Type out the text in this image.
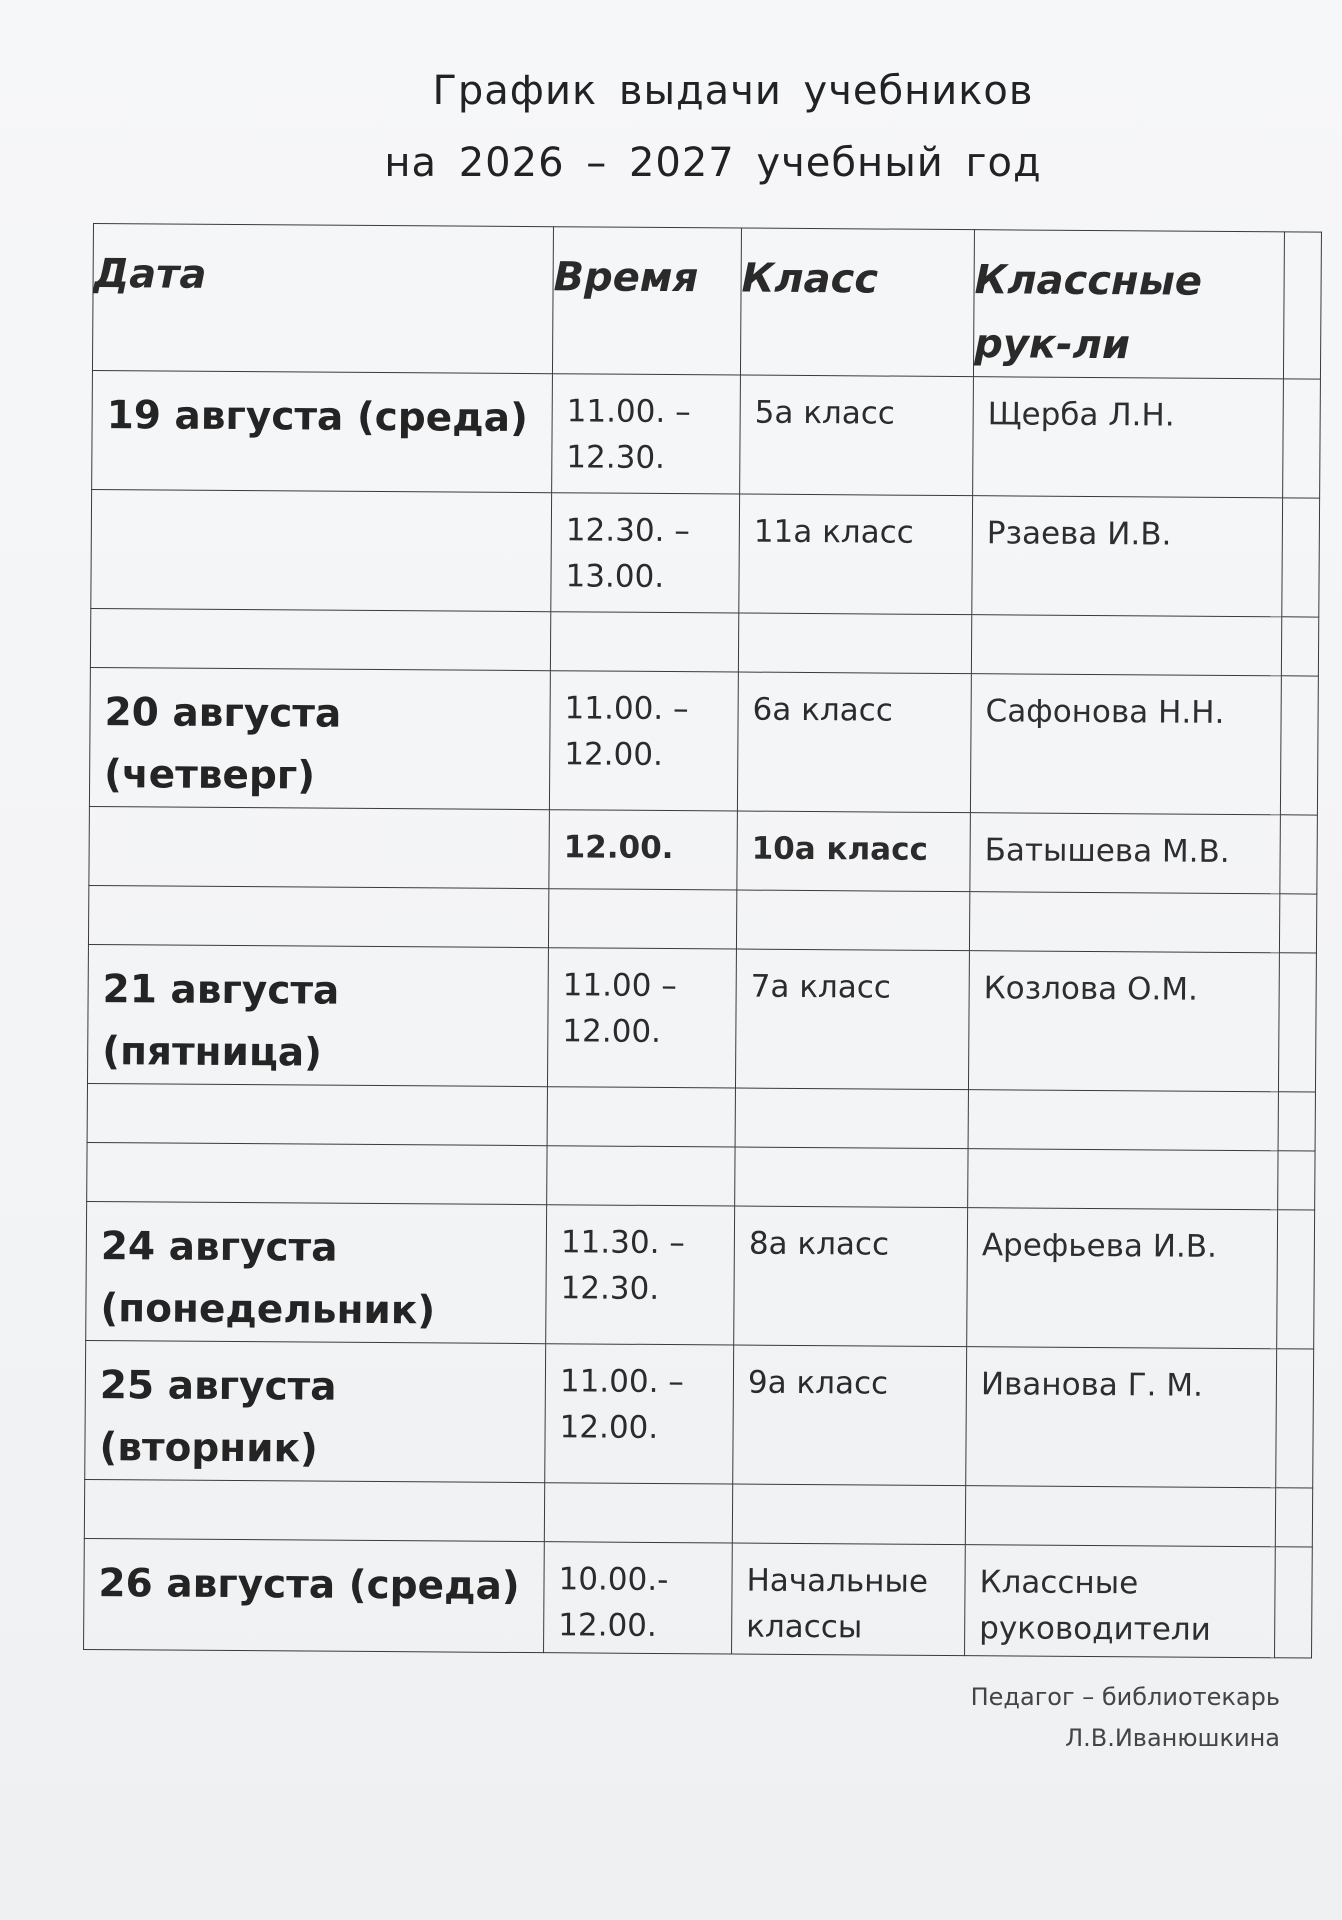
График выдачи учебников
на 2026 – 2027 учебный год
Дата	Время	Класс	Классные рук-ли	
19 августа (среда)	11.00. – 12.30.	5а класс	Щерба Л.Н.	
	12.30. – 13.00.	11а класс	Рзаева И.В.	

20 августа (четверг)	11.00. – 12.00.	6а класс	Сафонова Н.Н.	
	12.00.	10а класс	Батышева М.В.	

21 августа (пятница)	11.00 – 12.00.	7а класс	Козлова О.М.	

24 августа (понедельник)	11.30. – 12.30.	8а класс	Арефьева И.В.	
25 августа (вторник)	11.00. – 12.00.	9а класс	Иванова Г. М.	

26 августа (среда)	10.00.- 12.00.	Начальные классы	Классные руководители	
Педагог – библиотекарь
Л.В.Иванюшкина
